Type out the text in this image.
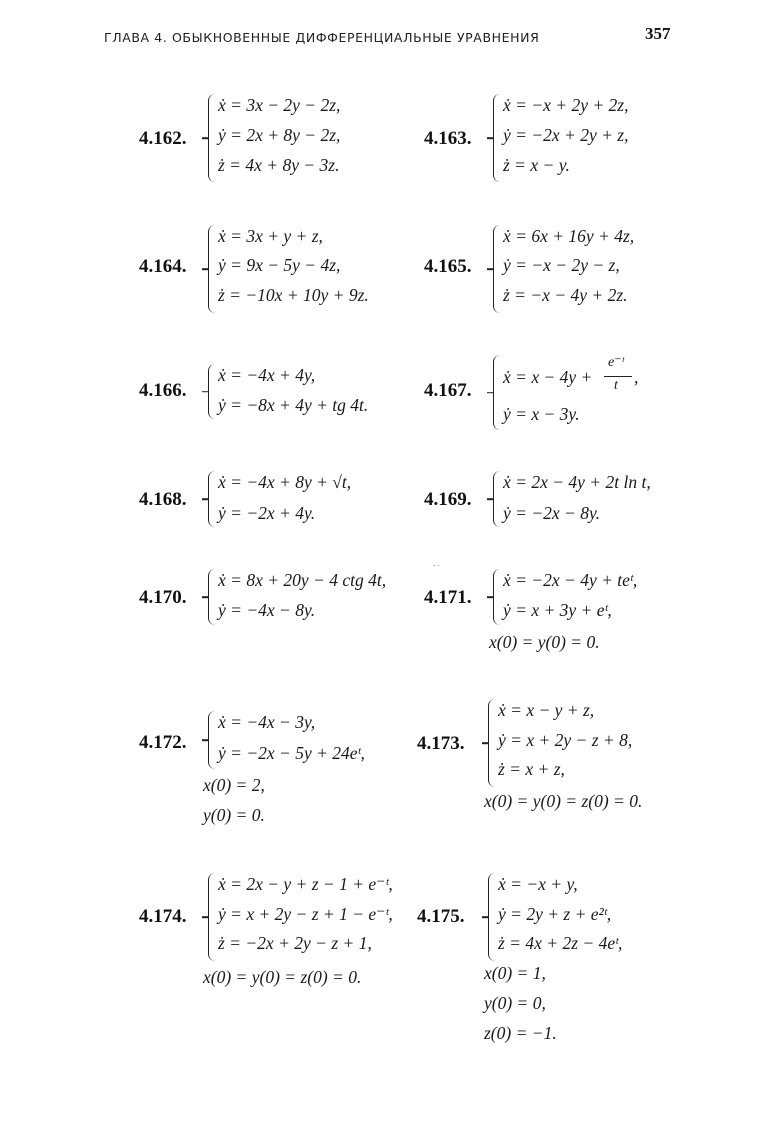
ГЛАВА 4. ОБЫКНОВЕННЫЕ ДИФФЕРЕНЦИАЛЬНЫЕ УРАВНЕНИЯ	357
4.162.
ẋ = 3x − 2y − 2z,
ẏ = 2x + 8y − 2z,
ż = 4x + 8y − 3z.
4.163.
ẋ = −x + 2y + 2z,
ẏ = −2x + 2y + z,
ż = x − y.
4.164.
ẋ = 3x + y + z,
ẏ = 9x − 5y − 4z,
ż = −10x + 10y + 9z.
4.165.
ẋ = 6x + 16y + 4z,
ẏ = −x − 2y − z,
ż = −x − 4y + 2z.
4.166.
ẋ = −4x + 4y,
ẏ = −8x + 4y + tg 4t.
4.167.
ẋ = x − 4y +
e⁻ᵗ
t ,
ẏ = x − 3y.
4.168.
ẋ = −4x + 8y + √t,
ẏ = −2x + 4y.
4.169.
ẋ = 2x − 4y + 2t ln t,
ẏ = −2x − 8y.
˙˙
4.170.
ẋ = 8x + 20y − 4 ctg 4t,
ẏ = −4x − 8y.
4.171.
ẋ = −2x − 4y + teᵗ,
ẏ = x + 3y + eᵗ,
x(0) = y(0) = 0.
4.172.
ẋ = −4x − 3y,
ẏ = −2x − 5y + 24eᵗ,
x(0) = 2,
y(0) = 0.
4.173.
ẋ = x − y + z,
ẏ = x + 2y − z + 8,
ż = x + z,
x(0) = y(0) = z(0) = 0.
4.174.
ẋ = 2x − y + z − 1 + e⁻ᵗ,
ẏ = x + 2y − z + 1 − e⁻ᵗ,
ż = −2x + 2y − z + 1,
x(0) = y(0) = z(0) = 0.
4.175.
ẋ = −x + y,
ẏ = 2y + z + e²ᵗ,
ż = 4x + 2z − 4eᵗ,
x(0) = 1,
y(0) = 0,
z(0) = −1.
